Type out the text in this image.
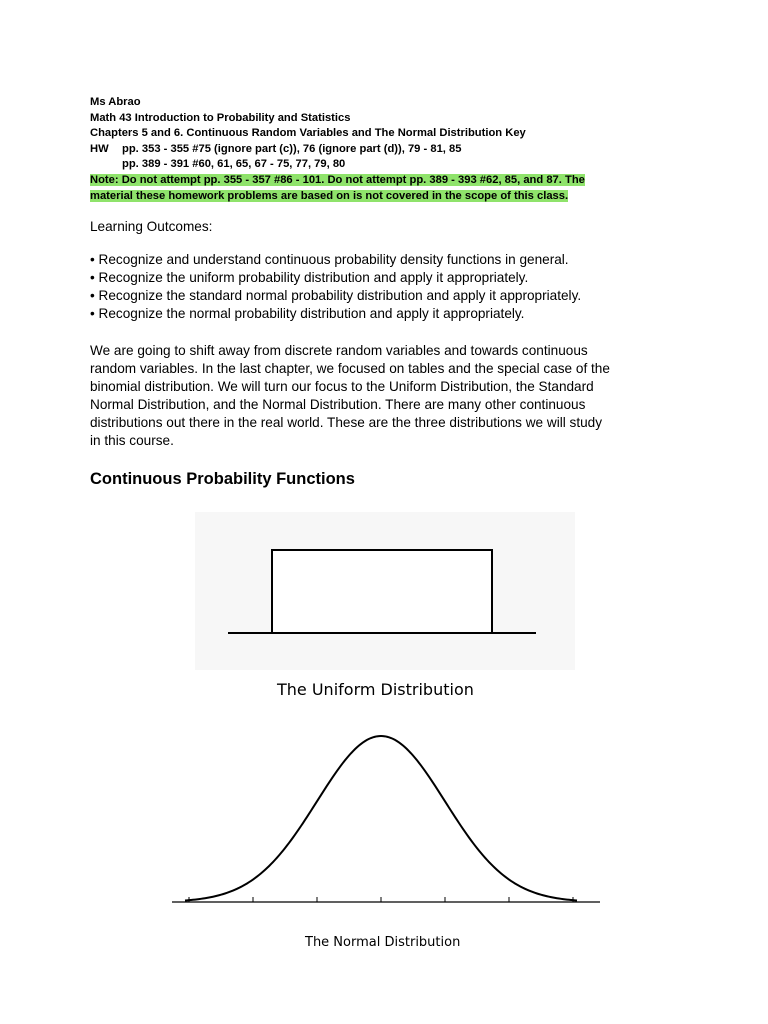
Ms Abrao
Math 43 Introduction to Probability and Statistics
Chapters 5 and 6. Continuous Random Variables and The Normal Distribution Key
HW pp. 353 - 355 #75 (ignore part (c)), 76 (ignore part (d)), 79 - 81, 85
pp. 389 - 391 #60, 61, 65, 67 - 75, 77, 79, 80
Note: Do not attempt pp. 355 - 357 #86 - 101. Do not attempt pp. 389 - 393 #62, 85, and 87. The
material these homework problems are based on is not covered in the scope of this class.
Learning Outcomes:
• Recognize and understand continuous probability density functions in general.
• Recognize the uniform probability distribution and apply it appropriately.
• Recognize the standard normal probability distribution and apply it appropriately.
• Recognize the normal probability distribution and apply it appropriately.
We are going to shift away from discrete random variables and towards continuous
random variables. In the last chapter, we focused on tables and the special case of the
binomial distribution. We will turn our focus to the Uniform Distribution, the Standard
Normal Distribution, and the Normal Distribution. There are many other continuous
distributions out there in the real world. These are the three distributions we will study
in this course.
Continuous Probability Functions
The Uniform Distribution
The Normal Distribution
